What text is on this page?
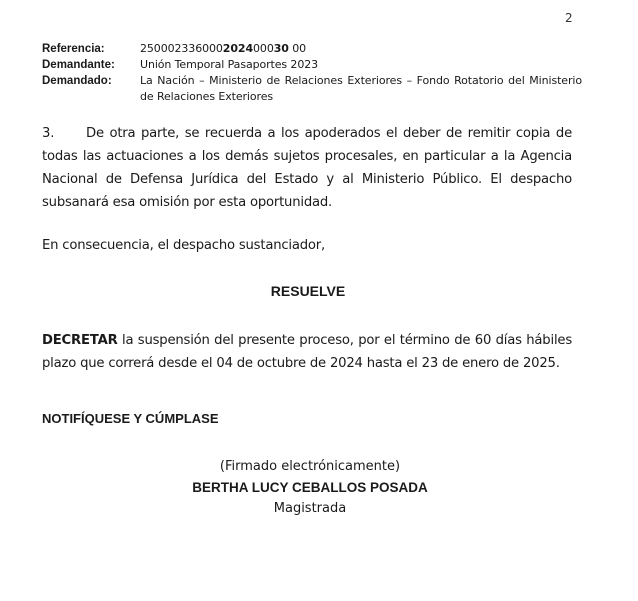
2
Referencia:	250002336000202400030 00
Demandante:	Unión Temporal Pasaportes 2023
Demandado:	La Nación – Ministerio de Relaciones Exteriores – Fondo Rotatorio del Ministerio de Relaciones Exteriores
3. De otra parte, se recuerda a los apoderados el deber de remitir copia de todas las actuaciones a los demás sujetos procesales, en particular a la Agencia Nacional de Defensa Jurídica del Estado y al Ministerio Público. El despacho subsanará esa omisión por esta oportunidad.
En consecuencia, el despacho sustanciador,
RESUELVE
DECRETAR la suspensión del presente proceso, por el término de 60 días hábiles plazo que correrá desde el 04 de octubre de 2024 hasta el 23 de enero de 2025.
NOTIFÍQUESE Y CÚMPLASE
(Firmado electrónicamente)
BERTHA LUCY CEBALLOS POSADA
Magistrada
